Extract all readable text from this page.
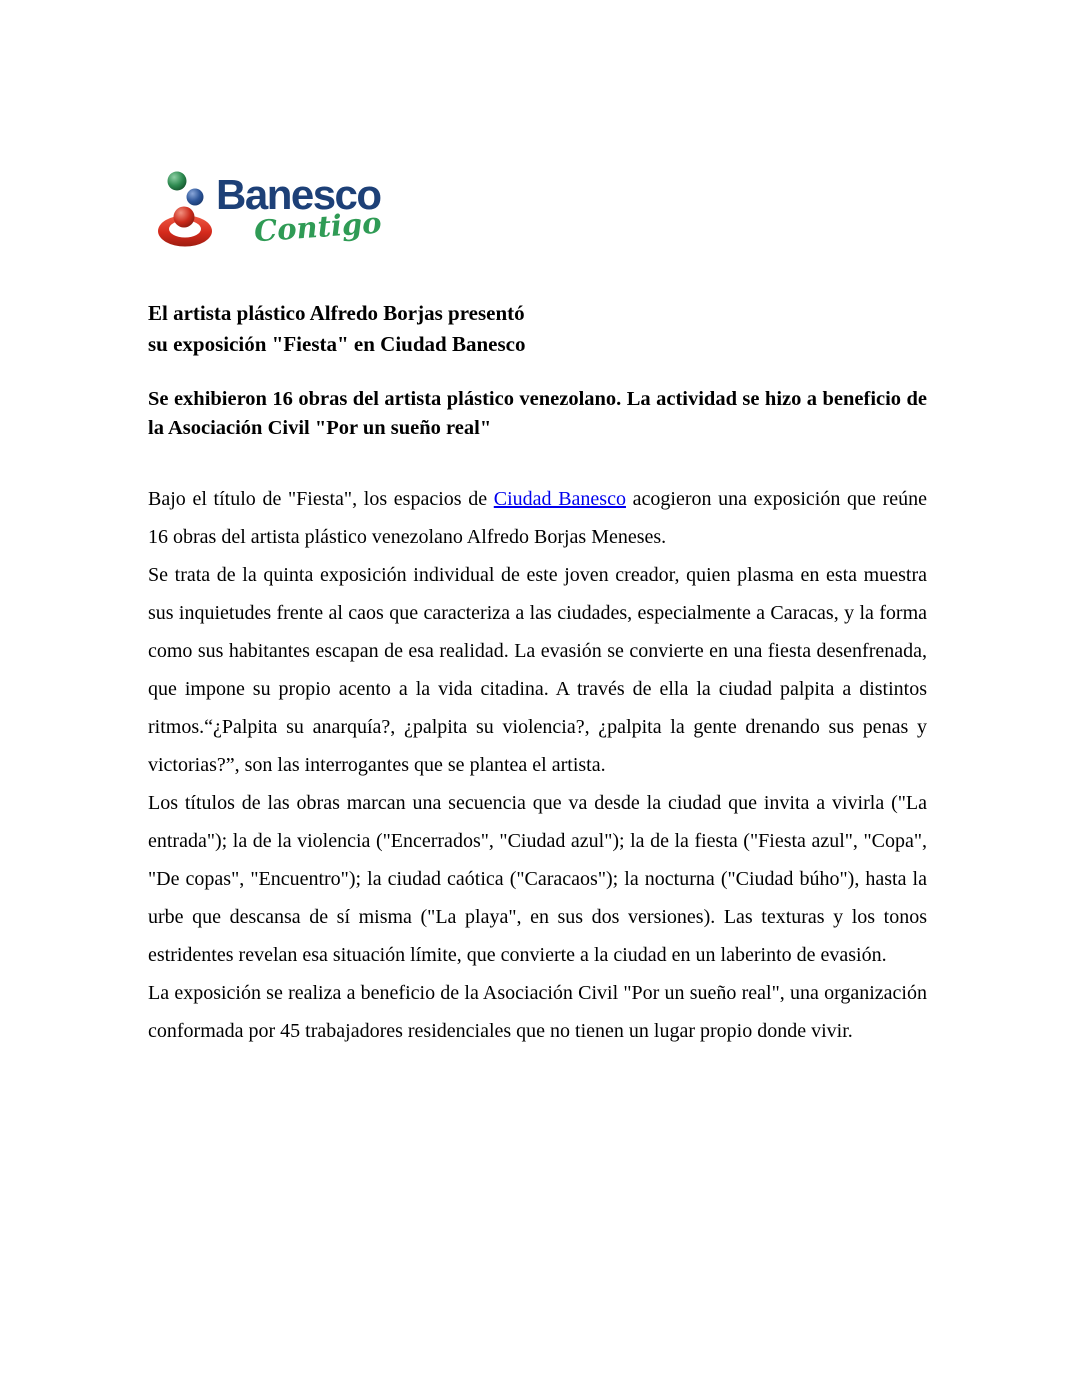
Banesco
Contigo
El artista plástico Alfredo Borjas presentó
su exposición "Fiesta" en Ciudad Banesco
Se exhibieron 16 obras del artista plástico venezolano. La actividad se hizo a beneficio de la Asociación Civil "Por un sueño real"

Bajo el título de "Fiesta", los espacios de Ciudad Banesco acogieron una exposición que reúne 16 obras del artista plástico venezolano Alfredo Borjas Meneses.

Se trata de la quinta exposición individual de este joven creador, quien plasma en esta muestra sus inquietudes frente al caos que caracteriza a las ciudades, especialmente a Caracas, y la forma como sus habitantes escapan de esa realidad. La evasión se convierte en una fiesta desenfrenada, que impone su propio acento a la vida citadina. A través de ella la ciudad palpita a distintos ritmos.“¿Palpita su anarquía?, ¿palpita su violencia?, ¿palpita la gente drenando sus penas y victorias?”, son las interrogantes que se plantea el artista.

Los títulos de las obras marcan una secuencia que va desde la ciudad que invita a vivirla ("La entrada"); la de la violencia ("Encerrados", "Ciudad azul"); la de la fiesta ("Fiesta azul", "Copa", "De copas", "Encuentro"); la ciudad caótica ("Caracaos"); la nocturna ("Ciudad búho"), hasta la urbe que descansa de sí misma ("La playa", en sus dos versiones). Las texturas y los tonos estridentes revelan esa situación límite, que convierte a la ciudad en un laberinto de evasión.

La exposición se realiza a beneficio de la Asociación Civil "Por un sueño real", una organización conformada por 45 trabajadores residenciales que no tienen un lugar propio donde vivir.
